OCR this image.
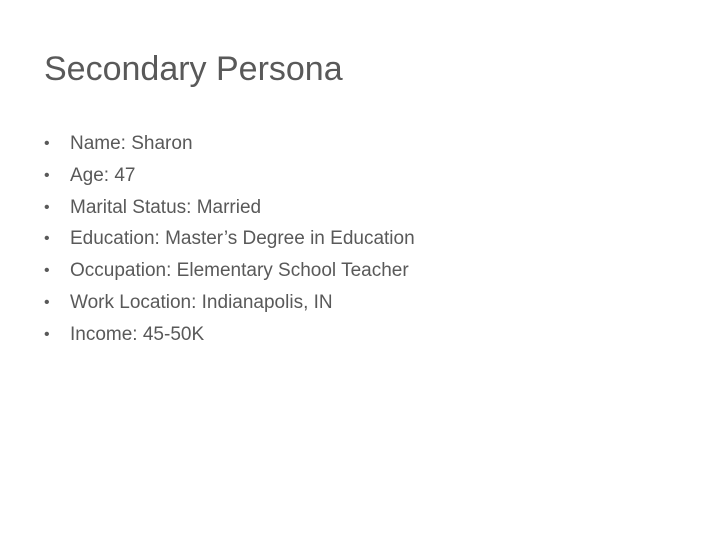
Secondary Persona
•	Name: Sharon
•	Age: 47
•	Marital Status: Married
•	Education: Master’s Degree in Education
•	Occupation: Elementary School Teacher
•	Work Location: Indianapolis, IN
•	Income: 45-50K
